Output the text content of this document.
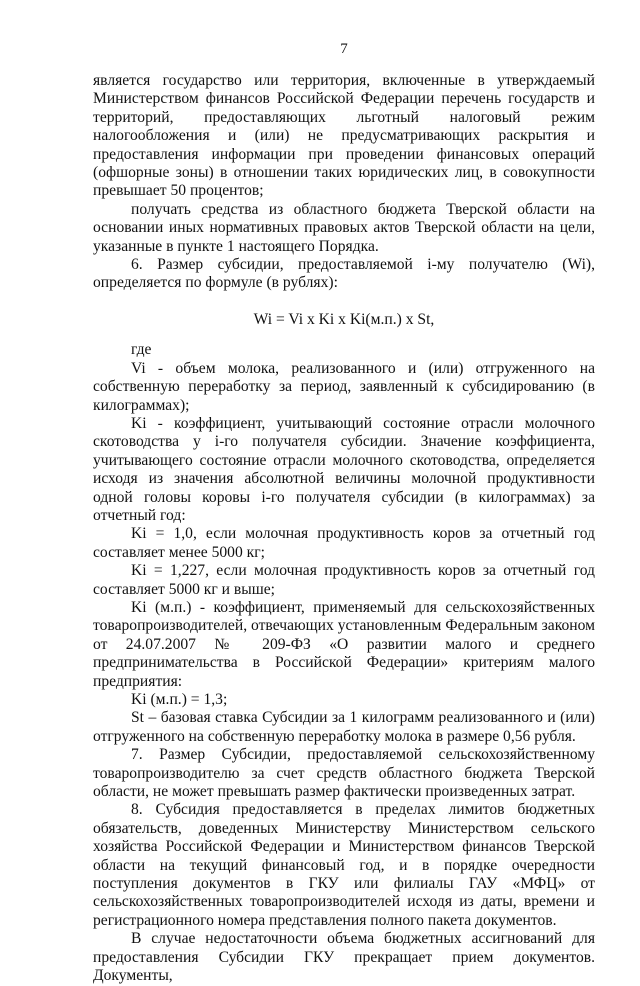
7

является государство или территория, включенные в утверждаемый Министерством финансов Российской Федерации перечень государств и территорий, предоставляющих льготный налоговый режим налогообложения и (или) не предусматривающих раскрытия и предоставления информации при проведении финансовых операций (офшорные зоны) в отношении таких юридических лиц, в совокупности превышает 50 процентов;

получать средства из областного бюджета Тверской области на основании иных нормативных правовых актов Тверской области на цели, указанные в пункте 1 настоящего Порядка.

6. Размер субсидии, предоставляемой i-му получателю (Wi), определяется по формуле (в рублях):

Wi = Vi x Ki x Ki(м.п.) x St,

где

Vi - объем молока, реализованного и (или) отгруженного на собственную переработку за период, заявленный к субсидированию (в килограммах);

Ki - коэффициент, учитывающий состояние отрасли молочного скотоводства у i-го получателя субсидии. Значение коэффициента, учитывающего состояние отрасли молочного скотоводства, определяется исходя из значения абсолютной величины молочной продуктивности одной головы коровы i-го получателя субсидии (в килограммах) за отчетный год:

Ki = 1,0, если молочная продуктивность коров за отчетный год составляет менее 5000 кг;

Ki = 1,227, если молочная продуктивность коров за отчетный год составляет 5000 кг и выше;

Ki (м.п.) - коэффициент, применяемый для сельскохозяйственных товаропроизводителей, отвечающих установленным Федеральным законом от 24.07.2007 № 209-ФЗ «О развитии малого и среднего предпринимательства в Российской Федерации» критериям малого предприятия:

Ki (м.п.) = 1,3;

St – базовая ставка Субсидии за 1 килограмм реализованного и (или) отгруженного на собственную переработку молока в размере 0,56 рубля.

7. Размер Субсидии, предоставляемой сельскохозяйственному товаропроизводителю за счет средств областного бюджета Тверской области, не может превышать размер фактически произведенных затрат.

8. Субсидия предоставляется в пределах лимитов бюджетных обязательств, доведенных Министерству Министерством сельского хозяйства Российской Федерации и Министерством финансов Тверской области на текущий финансовый год, и в порядке очередности поступления документов в ГКУ или филиалы ГАУ «МФЦ» от сельскохозяйственных товаропроизводителей исходя из даты, времени и регистрационного номера представления полного пакета документов.

В случае недостаточности объема бюджетных ассигнований для предоставления Субсидии ГКУ прекращает прием документов. Документы,
